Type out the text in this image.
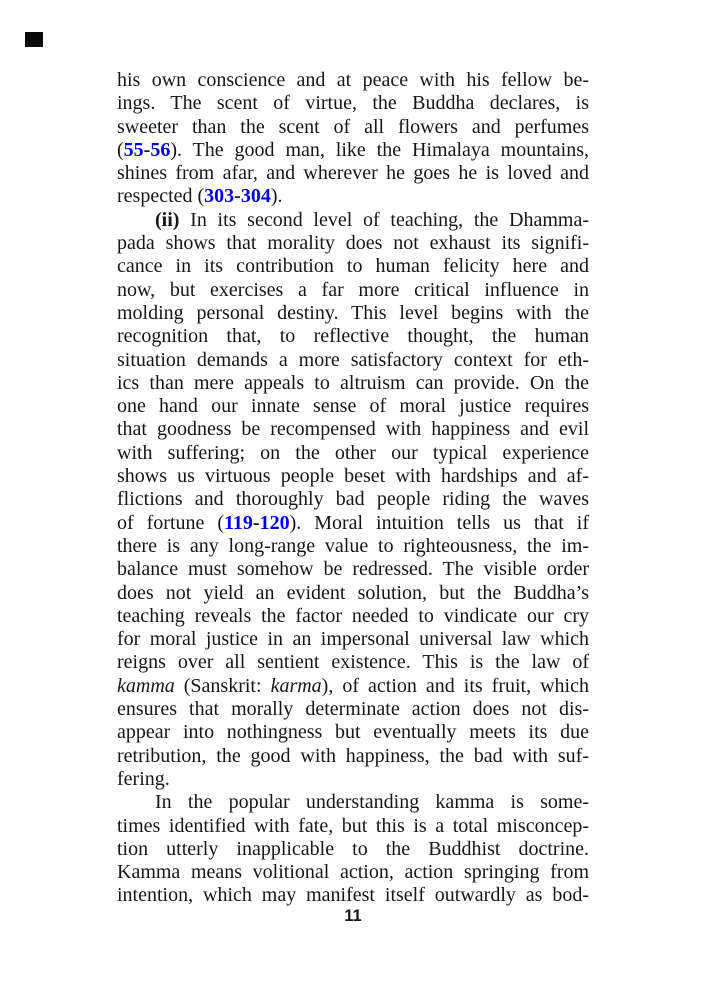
his own conscience and at peace with his fellow be-
ings. The scent of virtue, the Buddha declares, is
sweeter than the scent of all flowers and perfumes
(55-56). The good man, like the Himalaya mountains,
shines from afar, and wherever he goes he is loved and
respected (303-304).
(ii) In its second level of teaching, the Dhamma-
pada shows that morality does not exhaust its signifi-
cance in its contribution to human felicity here and
now, but exercises a far more critical influence in
molding personal destiny. This level begins with the
recognition that, to reflective thought, the human
situation demands a more satisfactory context for eth-
ics than mere appeals to altruism can provide. On the
one hand our innate sense of moral justice requires
that goodness be recompensed with happiness and evil
with suffering; on the other our typical experience
shows us virtuous people beset with hardships and af-
flictions and thoroughly bad people riding the waves
of fortune (119-120). Moral intuition tells us that if
there is any long-range value to righteousness, the im-
balance must somehow be redressed. The visible order
does not yield an evident solution, but the Buddha’s
teaching reveals the factor needed to vindicate our cry
for moral justice in an impersonal universal law which
reigns over all sentient existence. This is the law of
kamma (Sanskrit: karma), of action and its fruit, which
ensures that morally determinate action does not dis-
appear into nothingness but eventually meets its due
retribution, the good with happiness, the bad with suf-
fering.
In the popular understanding kamma is some-
times identified with fate, but this is a total misconcep-
tion utterly inapplicable to the Buddhist doctrine.
Kamma means volitional action, action springing from
intention, which may manifest itself outwardly as bod-
11
